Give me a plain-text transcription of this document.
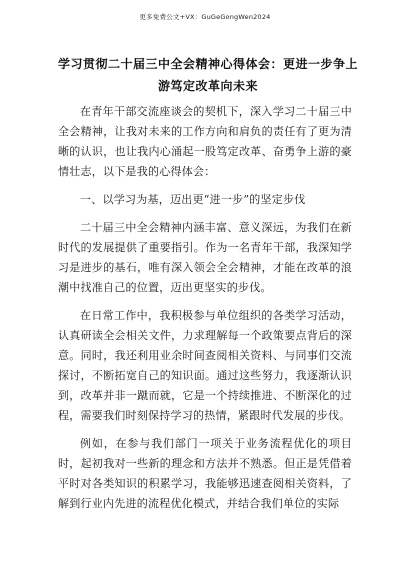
更多免费公文+VX：GuGeGongWen2024
学习贯彻二十届三中全会精神心得体会：更进一步争上游笃定改革向未来

在青年干部交流座谈会的契机下，深入学习二十届三中全会精神，让我对未来的工作方向和肩负的责任有了更为清晰的认识，也让我内心涌起一股笃定改革、奋勇争上游的豪情壮志，以下是我的心得体会：

一、以学习为基，迈出更“进一步”的坚定步伐

二十届三中全会精神内涵丰富、意义深远，为我们在新时代的发展提供了重要指引。作为一名青年干部，我深知学习是进步的基石，唯有深入领会全会精神，才能在改革的浪潮中找准自己的位置，迈出更坚实的步伐。

在日常工作中，我积极参与单位组织的各类学习活动，认真研读全会相关文件，力求理解每一个政策要点背后的深意。同时，我还利用业余时间查阅相关资料、与同事们交流探讨，不断拓宽自己的知识面。通过这些努力，我逐渐认识到，改革并非一蹴而就，它是一个持续推进、不断深化的过程，需要我们时刻保持学习的热情，紧跟时代发展的步伐。

例如，在参与我们部门一项关于业务流程优化的项目时，起初我对一些新的理念和方法并不熟悉。但正是凭借着平时对各类知识的积累学习，我能够迅速查阅相关资料，了解到行业内先进的流程优化模式，并结合我们单位的实际
